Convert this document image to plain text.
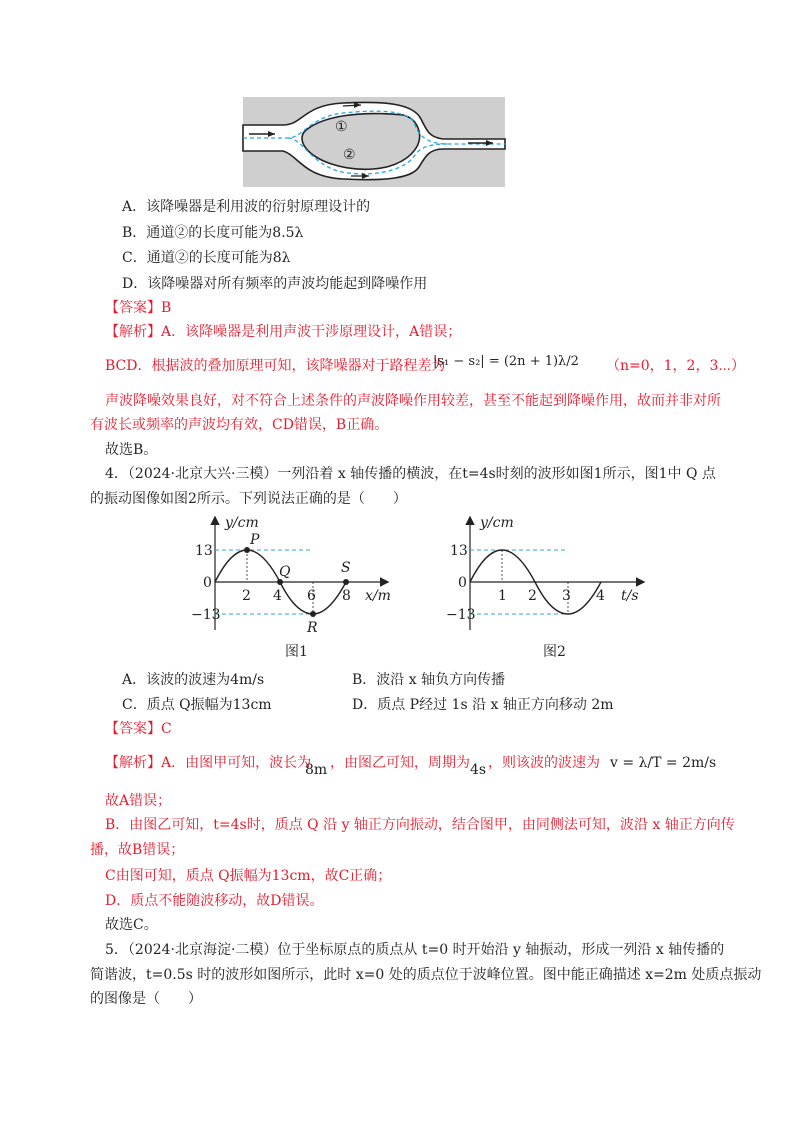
①
②
A．该降噪器是利用波的衍射原理设计的
B．通道②的长度可能为8.5λ
C．通道②的长度可能为8λ
D．该降噪器对所有频率的声波均能起到降噪作用
【答案】B
【解析】A．该降噪器是利用声波干涉原理设计，A错误；
BCD．根据波的叠加原理可知，该降噪器对于路程差为
|s₁ − s₂| = (2n + 1)λ/2 （n=0，1，2，3⋯）
声波降噪效果良好，对不符合上述条件的声波降噪作用较差，甚至不能起到降噪作用，故而并非对所
有波长或频率的声波均有效，CD错误，B正确。
故选B。
4．（2024·北京大兴·三模）一列沿着 x 轴传播的横波，在t=4s时刻的波形如图1所示，图1中 Q 点
的振动图像如图2所示。下列说法正确的是（　　）
y/cm
x/m
2 4 6 8
13
0
−13
P
Q
R
S
图1
y/cm
t/s
1 2 3 4
13
0
−13
图2
A．该波的波速为4m/s	B．波沿 x 轴负方向传播
C．质点 Q振幅为13cm	D．质点 P经过 1s 沿 x 轴正方向移动 2m
【答案】C
【解析】A．由图甲可知，波长为
8m ，由图乙可知，周期为 4s ，则该波的波速为 v = λ/T = 2m/s
故A错误；
B．由图乙可知，t=4s时，质点 Q 沿 y 轴正方向振动，结合图甲，由同侧法可知，波沿 x 轴正方向传
播，故B错误；
C由图可知，质点 Q振幅为13cm，故C正确；
D．质点不能随波移动，故D错误。
故选C。
5．（2024·北京海淀·二模）位于坐标原点的质点从 t=0 时开始沿 y 轴振动，形成一列沿 x 轴传播的
简谐波，t=0.5s 时的波形如图所示，此时 x=0 处的质点位于波峰位置。图中能正确描述 x=2m 处质点振动
的图像是（　　）
